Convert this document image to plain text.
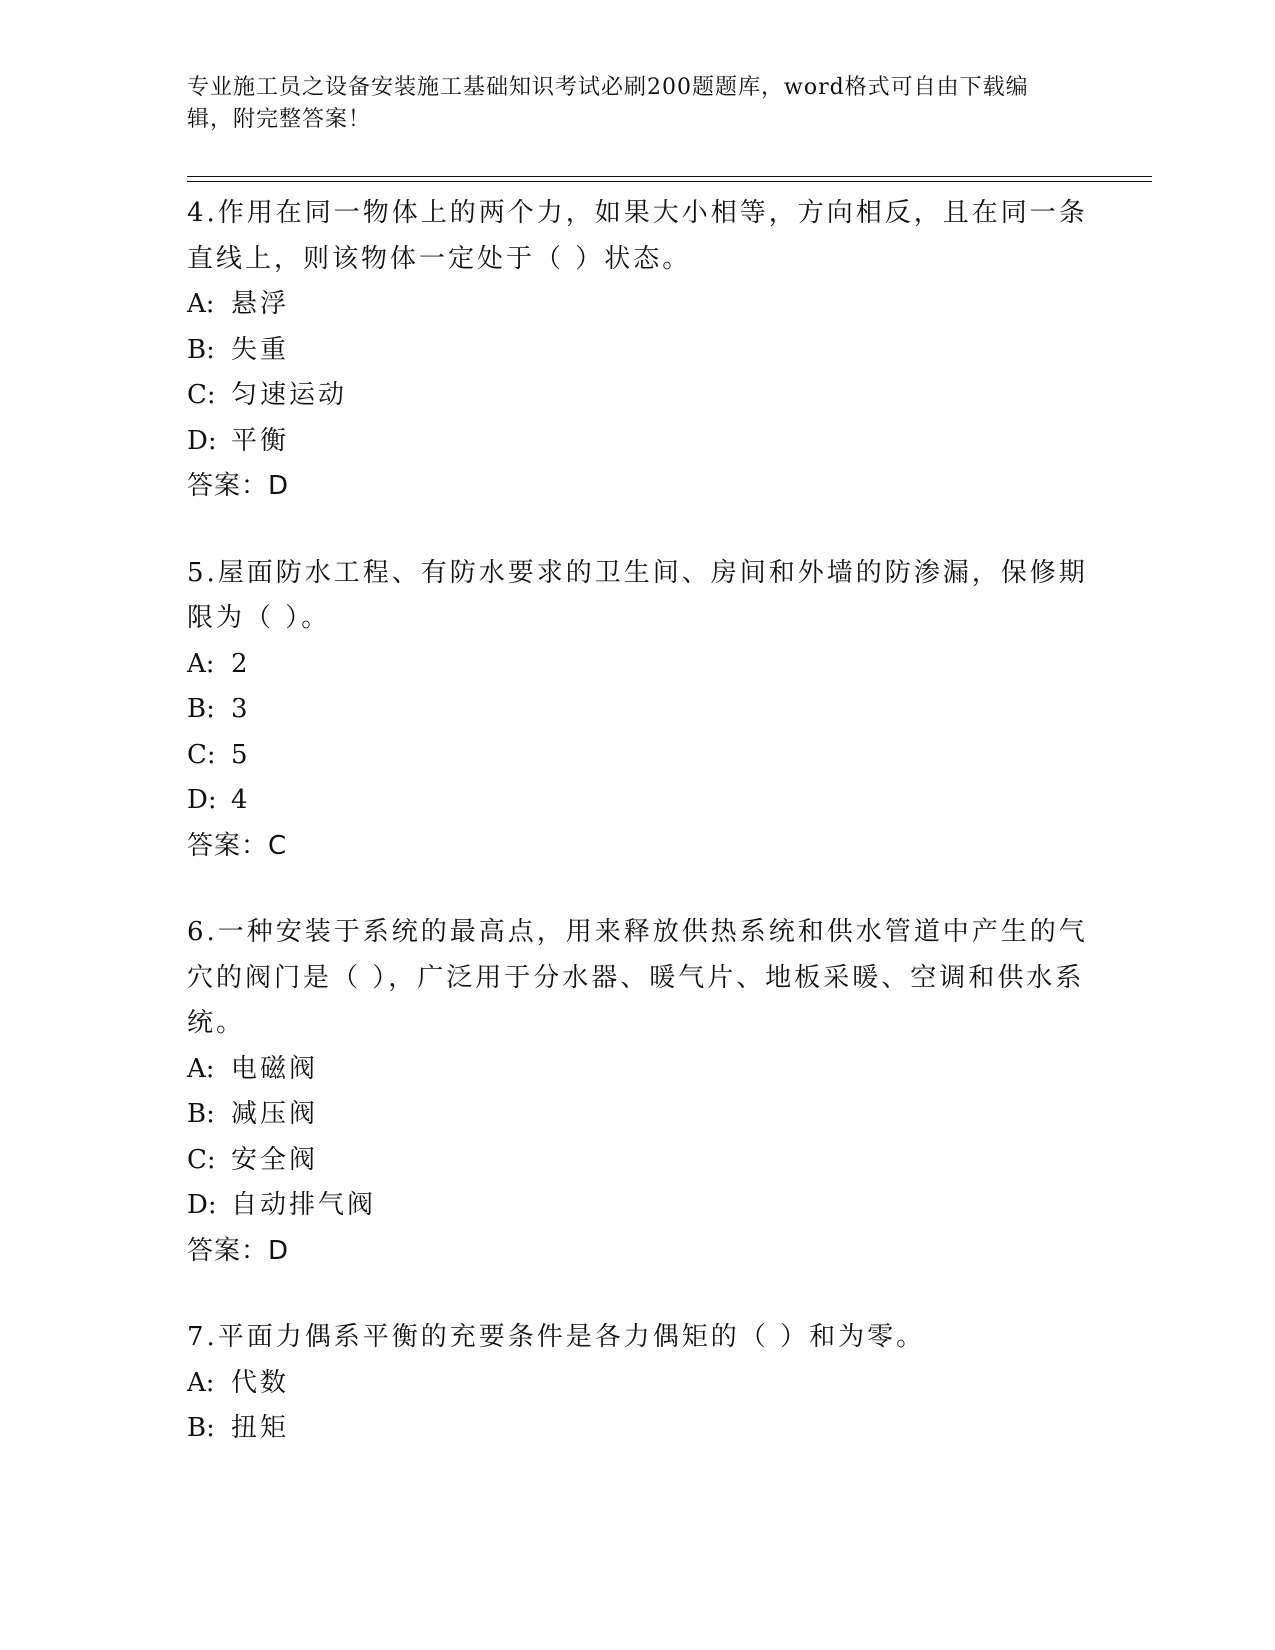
专业施工员之设备安装施工基础知识考试必刷200题题库，word格式可自由下载编辑，附完整答案！
4.作用在同一物体上的两个力，如果大小相等，方向相反，且在同一条直线上，则该物体一定处于（ ）状态。
A: 悬浮
B: 失重
C: 匀速运动
D: 平衡
答案：D
5.屋面防水工程、有防水要求的卫生间、房间和外墙的防渗漏，保修期限为（ ）。
A: 2
B: 3
C: 5
D: 4
答案：C
6.一种安装于系统的最高点，用来释放供热系统和供水管道中产生的气穴的阀门是（ ），广泛用于分水器、暖气片、地板采暖、空调和供水系统。
A: 电磁阀
B: 减压阀
C: 安全阀
D: 自动排气阀
答案：D
7.平面力偶系平衡的充要条件是各力偶矩的（ ）和为零。
A: 代数
B: 扭矩
